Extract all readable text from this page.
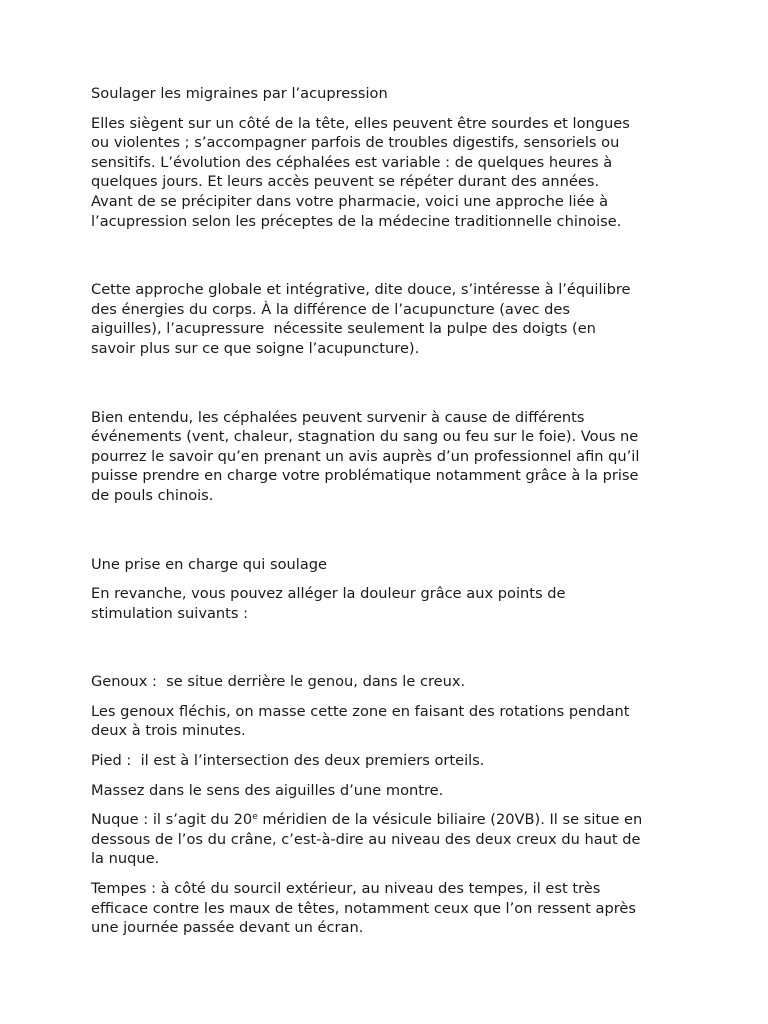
Soulager les migraines par l’acupression

Elles siègent sur un côté de la tête, elles peuvent être sourdes et longues
ou violentes ; s’accompagner parfois de troubles digestifs, sensoriels ou
sensitifs. L’évolution des céphalées est variable : de quelques heures à
quelques jours. Et leurs accès peuvent se répéter durant des années.
Avant de se précipiter dans votre pharmacie, voici une approche liée à
l’acupression selon les préceptes de la médecine traditionnelle chinoise.

Cette approche globale et intégrative, dite douce, s’intéresse à l’équilibre
des énergies du corps. À la différence de l’acupuncture (avec des
aiguilles), l’acupressure  nécessite seulement la pulpe des doigts (en
savoir plus sur ce que soigne l’acupuncture).

Bien entendu, les céphalées peuvent survenir à cause de différents
événements (vent, chaleur, stagnation du sang ou feu sur le foie). Vous ne
pourrez le savoir qu’en prenant un avis auprès d’un professionnel afin qu’il
puisse prendre en charge votre problématique notamment grâce à la prise
de pouls chinois.

Une prise en charge qui soulage

En revanche, vous pouvez alléger la douleur grâce aux points de
stimulation suivants :

Genoux :  se situe derrière le genou, dans le creux.

Les genoux fléchis, on masse cette zone en faisant des rotations pendant
deux à trois minutes.

Pied :  il est à l’intersection des deux premiers orteils.

Massez dans le sens des aiguilles d’une montre.

Nuque : il s’agit du 20e méridien de la vésicule biliaire (20VB). Il se situe en
dessous de l’os du crâne, c’est-à-dire au niveau des deux creux du haut de
la nuque.

Tempes : à côté du sourcil extérieur, au niveau des tempes, il est très
efficace contre les maux de têtes, notamment ceux que l’on ressent après
une journée passée devant un écran.
